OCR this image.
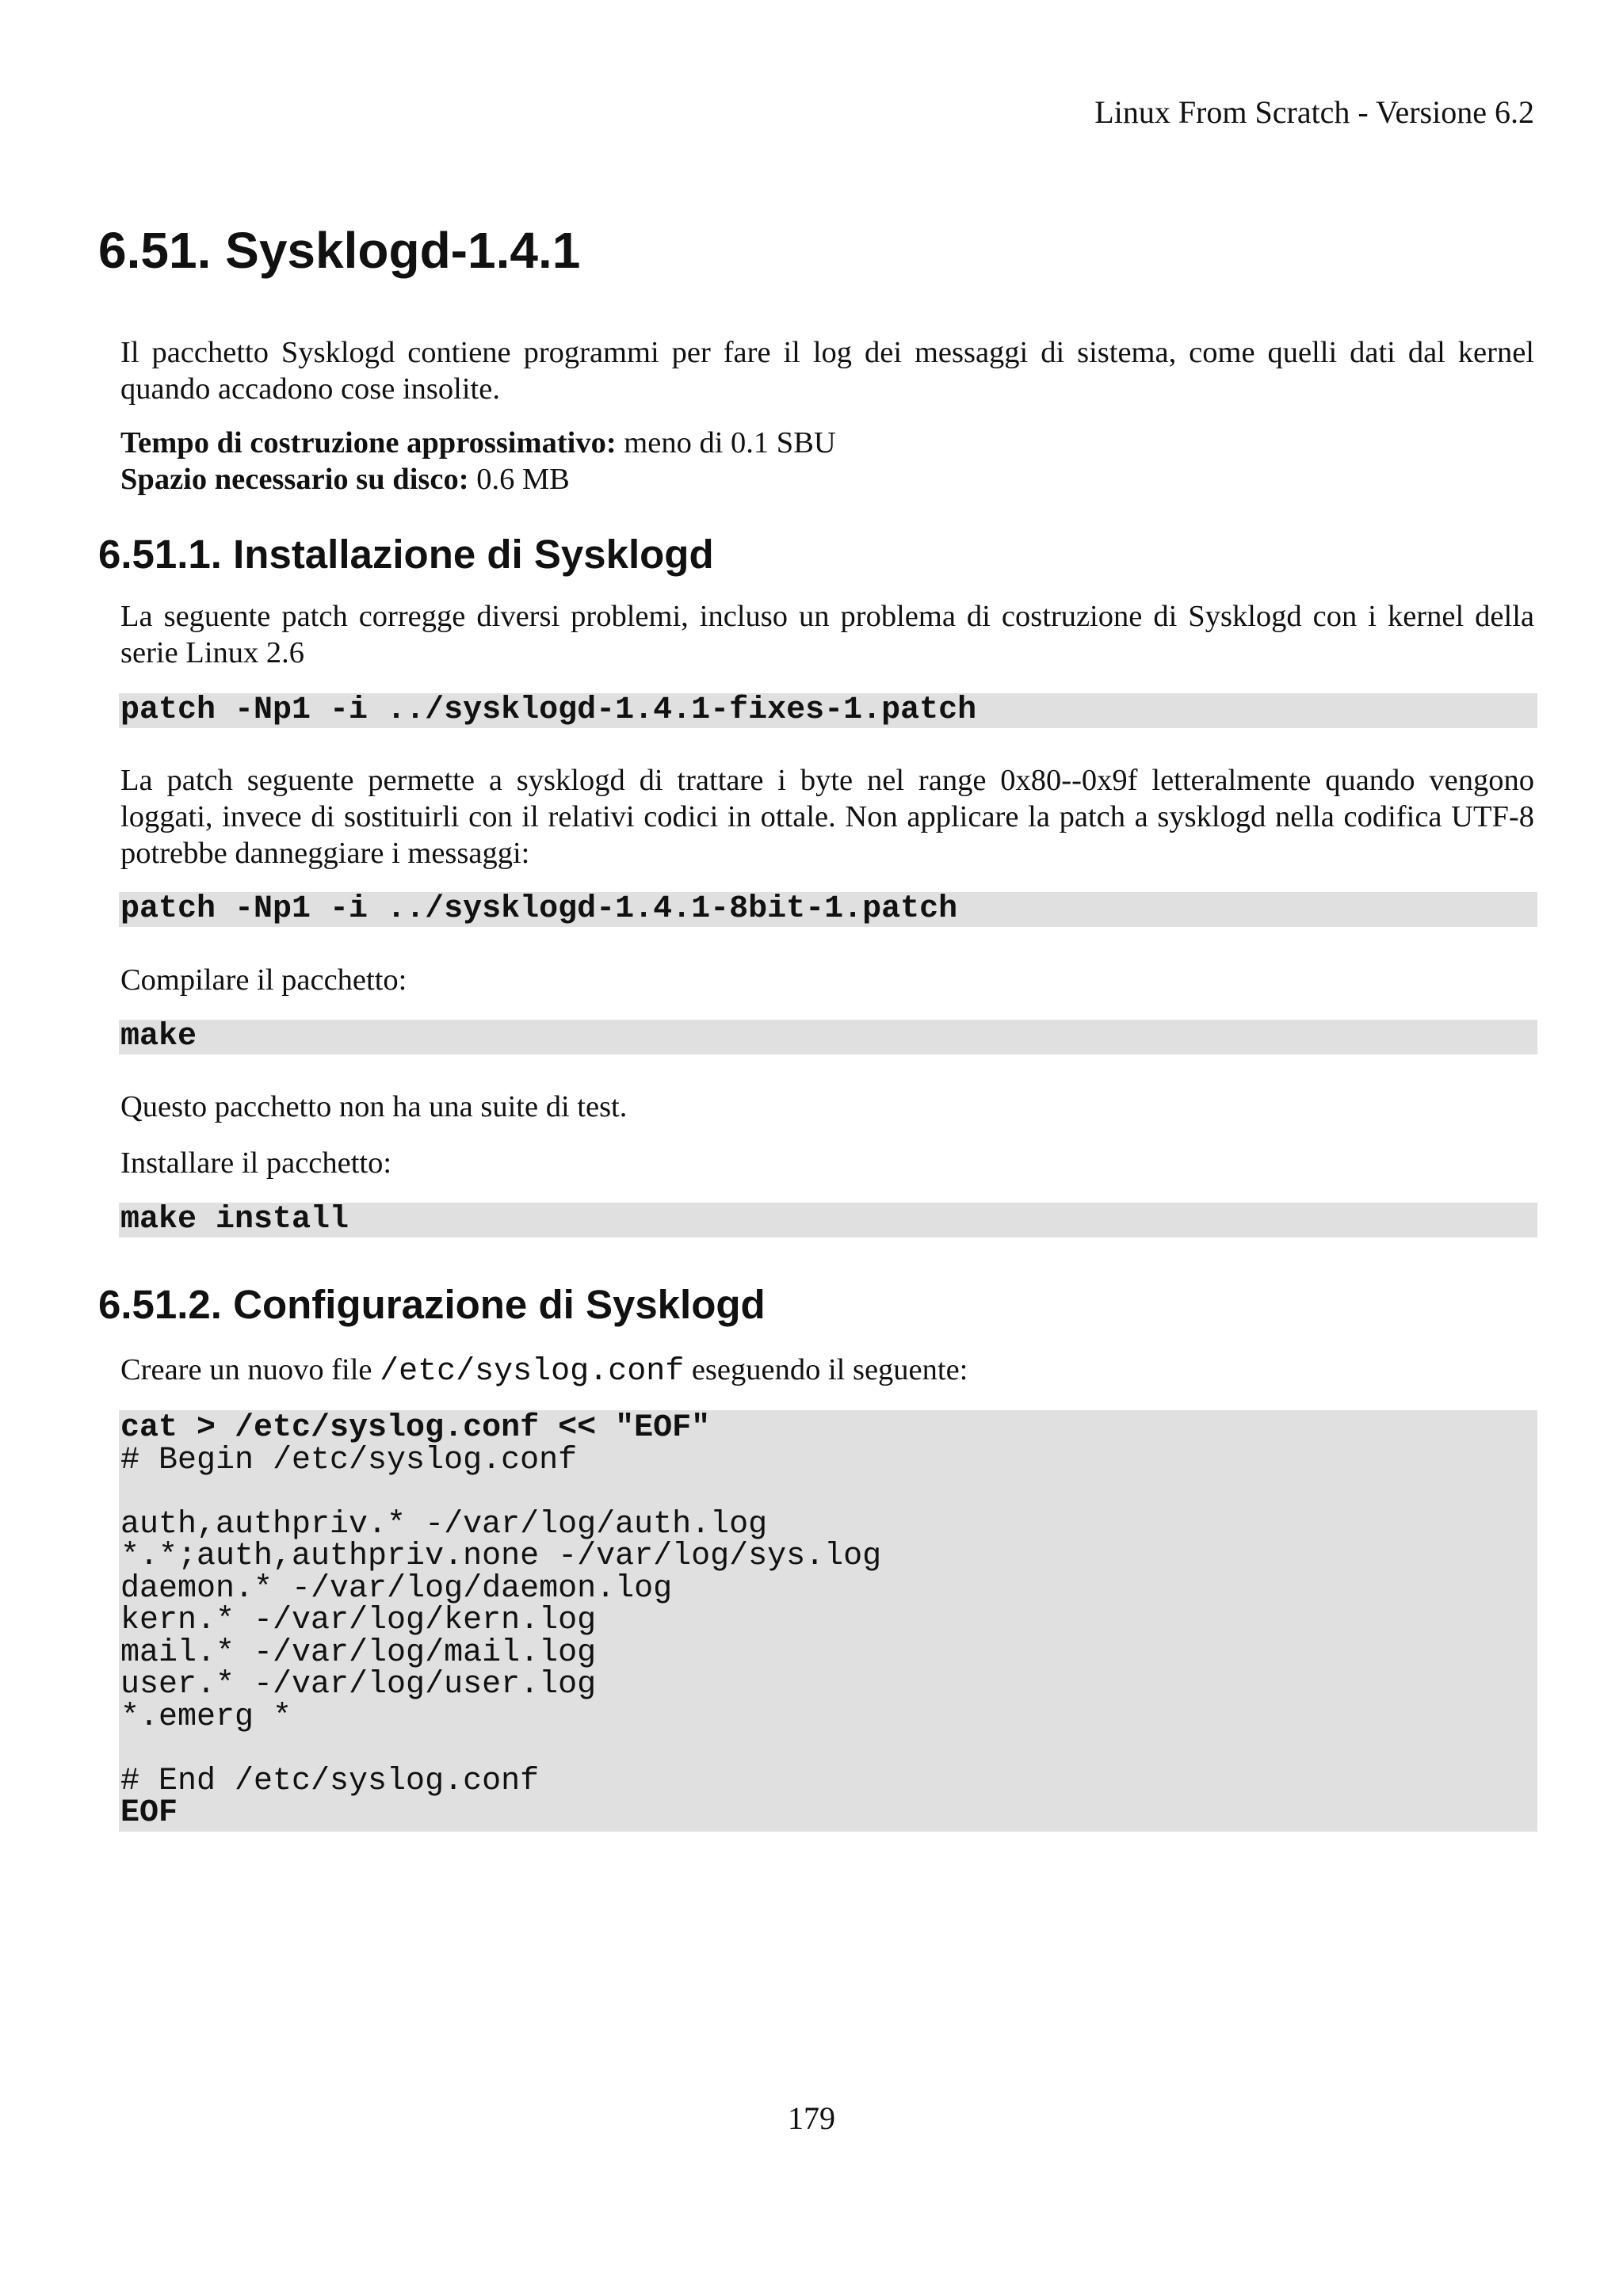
Linux From Scratch - Versione 6.2
6.51. Sysklogd-1.4.1

Il pacchetto Sysklogd contiene programmi per fare il log dei messaggi di sistema, come quelli dati dal kernel quando accadono cose insolite.

Tempo di costruzione approssimativo: meno di 0.1 SBU
Spazio necessario su disco: 0.6 MB

6.51.1. Installazione di Sysklogd

La seguente patch corregge diversi problemi, incluso un problema di costruzione di Sysklogd con i kernel della serie Linux 2.6

patch -Np1 -i ../sysklogd-1.4.1-fixes-1.patch

La patch seguente permette a sysklogd di trattare i byte nel range 0x80--0x9f letteralmente quando vengono loggati, invece di sostituirli con il relativi codici in ottale. Non applicare la patch a sysklogd nella codifica UTF-8 potrebbe danneggiare i messaggi:

patch -Np1 -i ../sysklogd-1.4.1-8bit-1.patch

Compilare il pacchetto:

make

Questo pacchetto non ha una suite di test.

Installare il pacchetto:

make install
6.51.2. Configurazione di Sysklogd

Creare un nuovo file /etc/syslog.conf eseguendo il seguente:

cat > /etc/syslog.conf << "EOF"
# Begin /etc/syslog.conf

auth,authpriv.* -/var/log/auth.log
*.*;auth,authpriv.none -/var/log/sys.log
daemon.* -/var/log/daemon.log
kern.* -/var/log/kern.log
mail.* -/var/log/mail.log
user.* -/var/log/user.log
*.emerg *

# End /etc/syslog.conf
EOF
179
